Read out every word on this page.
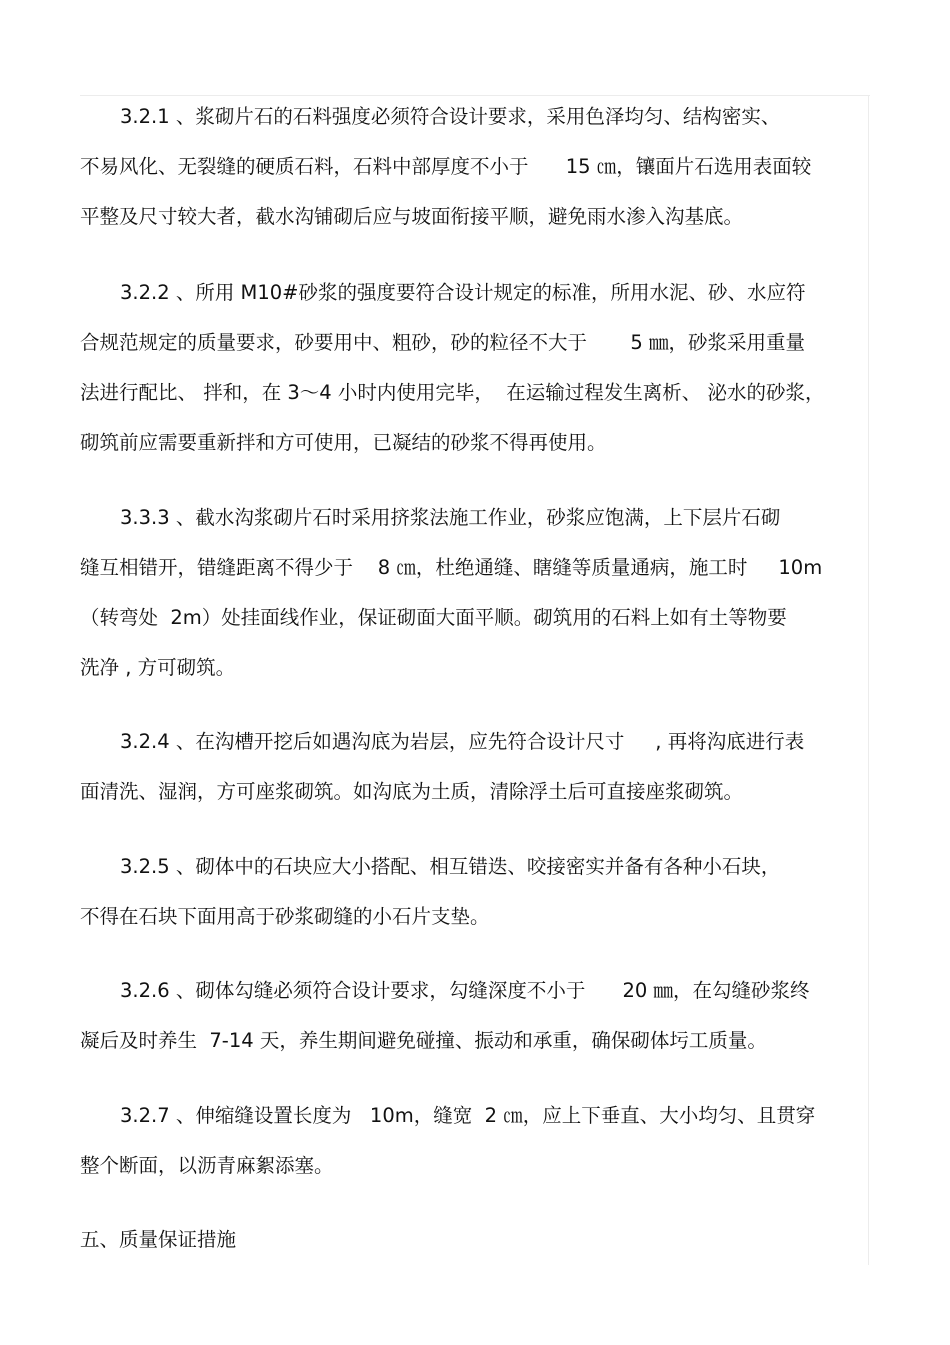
3.2.1 、浆砌片石的石料强度必须符合设计要求，采用色泽均匀、结构密实、
不易风化、无裂缝的硬质石料，石料中部厚度不小于      15 ㎝，镶面片石选用表面较
平整及尺寸较大者，截水沟铺砌后应与坡面衔接平顺，避免雨水渗入沟基底。
3.2.2 、所用 M10#砂浆的强度要符合设计规定的标准，所用水泥、砂、水应符
合规范规定的质量要求，砂要用中、粗砂，砂的粒径不大于       5 ㎜，砂浆采用重量
法进行配比、 拌和，在 3～4 小时内使用完毕，  在运输过程发生离析、 泌水的砂浆，
砌筑前应需要重新拌和方可使用，已凝结的砂浆不得再使用。
3.3.3 、截水沟浆砌片石时采用挤浆法施工作业，砂浆应饱满，上下层片石砌
缝互相错开，错缝距离不得少于    8 ㎝，杜绝通缝、瞎缝等质量通病，施工时     10m
（转弯处  2m）处挂面线作业，保证砌面大面平顺。砌筑用的石料上如有土等物要
洗净 , 方可砌筑。
3.2.4 、在沟槽开挖后如遇沟底为岩层，应先符合设计尺寸     , 再将沟底进行表
面清洗、湿润，方可座浆砌筑。如沟底为土质，清除浮土后可直接座浆砌筑。
3.2.5 、砌体中的石块应大小搭配、相互错迭、咬接密实并备有各种小石块，
不得在石块下面用高于砂浆砌缝的小石片支垫。
3.2.6 、砌体勾缝必须符合设计要求，勾缝深度不小于      20 ㎜，在勾缝砂浆终
凝后及时养生  7-14 天，养生期间避免碰撞、振动和承重，确保砌体圬工质量。
3.2.7 、伸缩缝设置长度为   10m，缝宽  2 ㎝，应上下垂直、大小均匀、且贯穿
整个断面，以沥青麻絮添塞。
五、质量保证措施
